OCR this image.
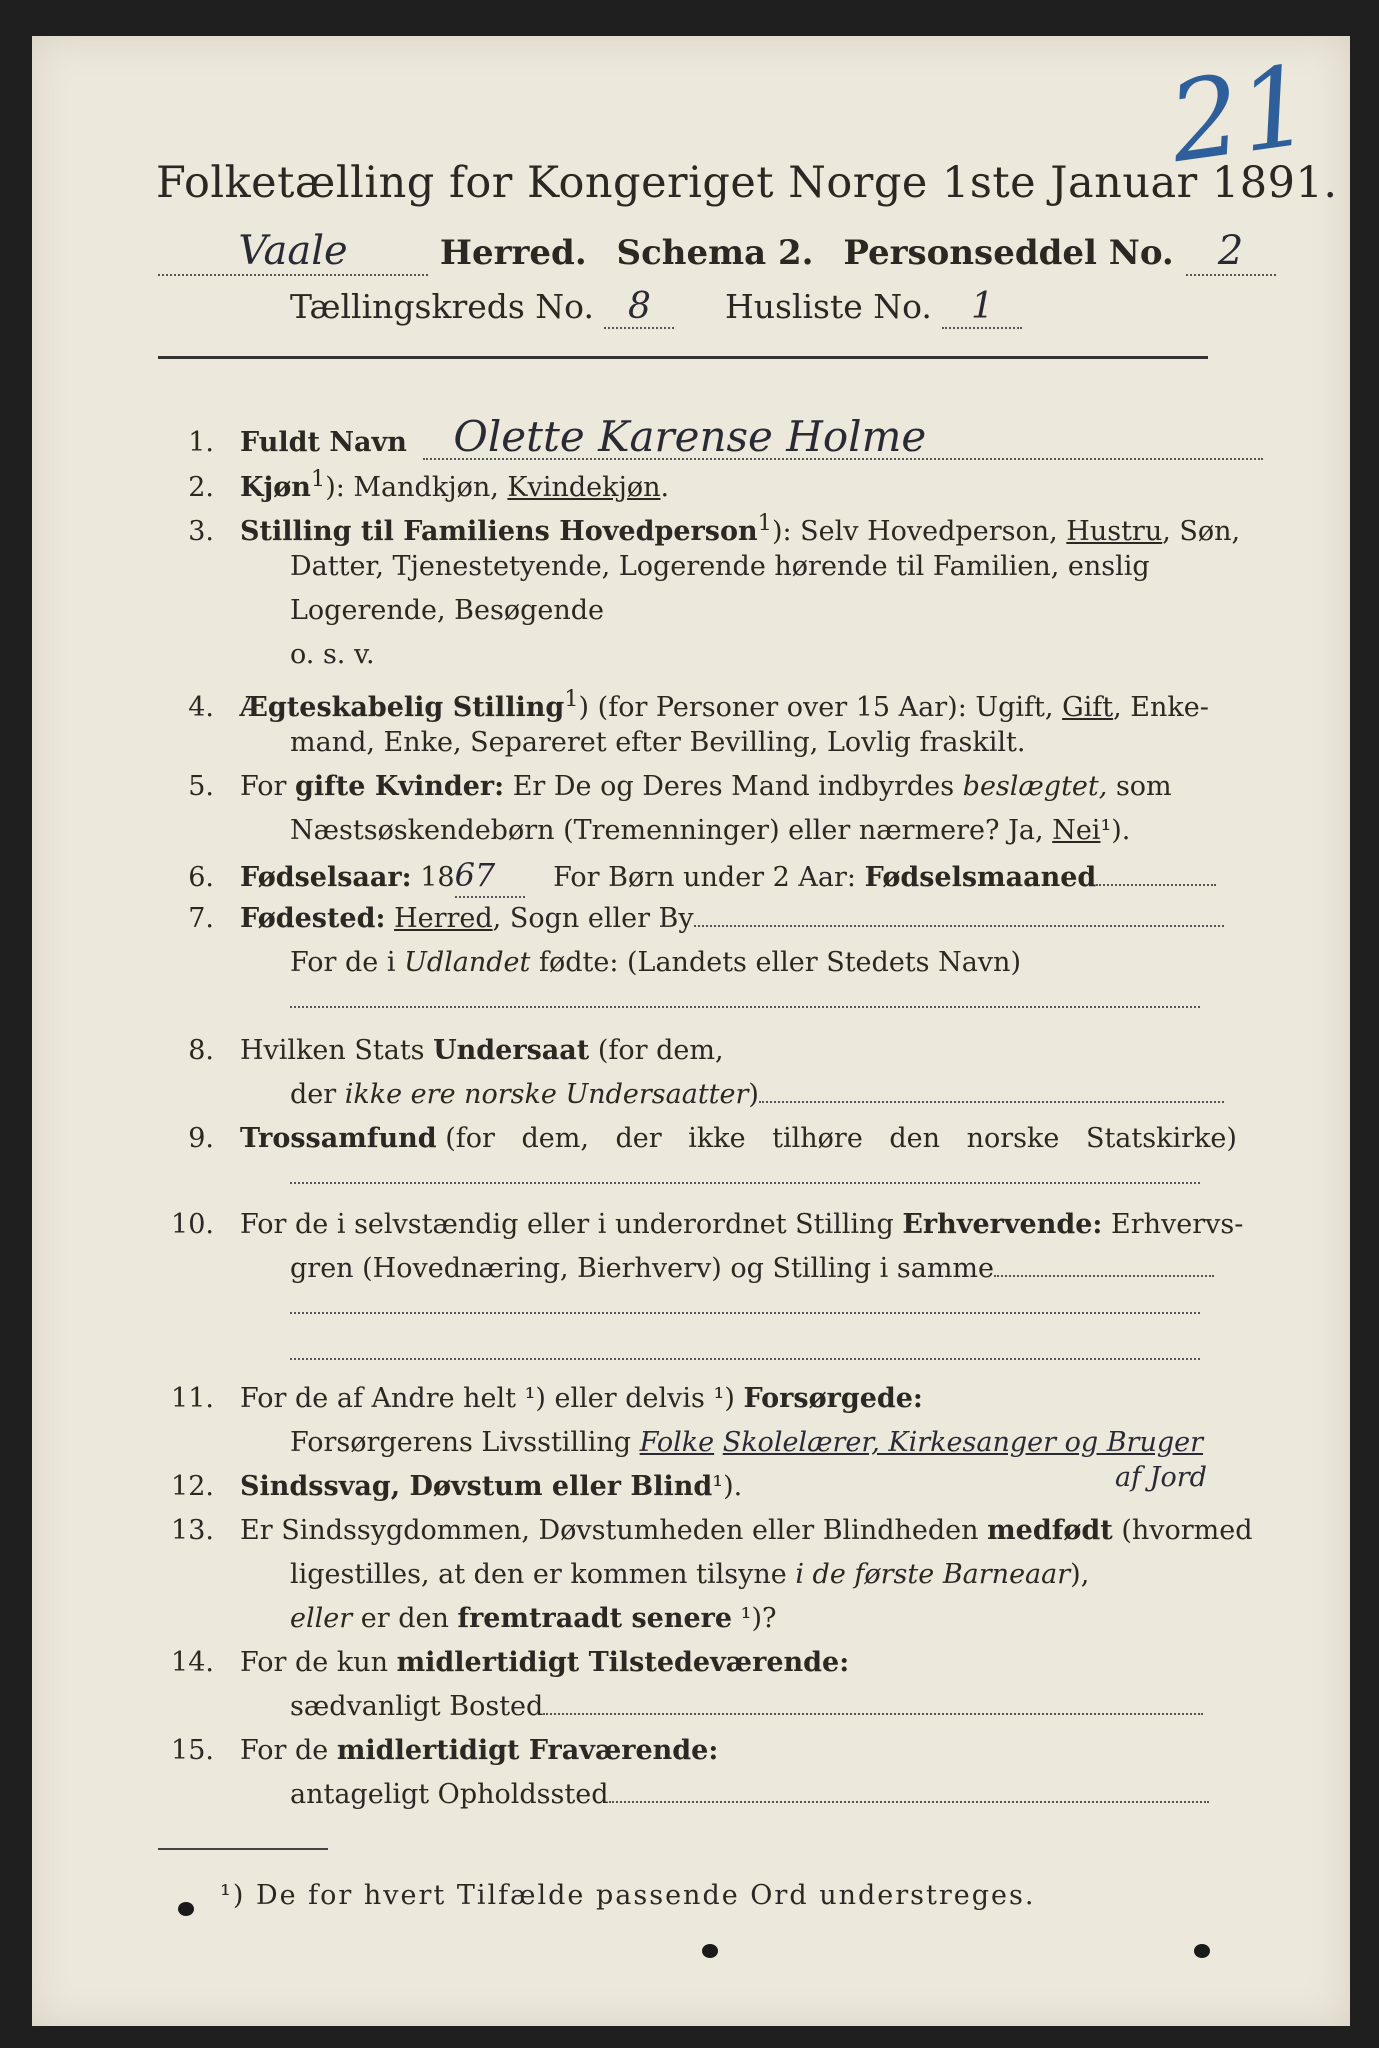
21
Folketælling for Kongeriget Norge 1ste Januar 1891.
Vaale	Herred. Schema 2. Personseddel No. 2
Tællingskreds No. 8 Husliste No. 1
1. Fuldt Navn Olette Karense Holme
2. Kjøn$^1$): Mandkjøn, Kvindekjøn.
3. Stilling til Familiens Hovedperson$^1$): Selv Hovedperson, Hustru, Søn,
Datter, Tjenestetyende, Logerende hørende til Familien, enslig
Logerende, Besøgende
o. s. v.
4. Ægteskabelig Stilling$^1$) (for Personer over 15 Aar): Ugift, Gift, Enke-
mand, Enke, Separeret efter Bevilling, Lovlig fraskilt.
5. For gifte Kvinder: Er De og Deres Mand indbyrdes beslægtet, som
Næstsøskendebørn (Tremenninger) eller nærmere? Ja, Nei¹).
6. Fødselsaar: 1867 For Børn under 2 Aar: Fødselsmaaned
7. Fødested: Herred, Sogn eller By
For de i Udlandet fødte: (Landets eller Stedets Navn)
8. Hvilken Stats Undersaat (for dem,
der ikke ere norske Undersaatter)
9. Trossamfund (for dem, der ikke tilhøre den norske Statskirke)
10. For de i selvstændig eller i underordnet Stilling Erhvervende: Erhvervs-
gren (Hovednæring, Bierhverv) og Stilling i samme
11. For de af Andre helt ¹) eller delvis ¹) Forsørgede:
Forsørgerens Livsstilling Folke Skolelærer, Kirkesanger og Bruger
af Jord
12. Sindssvag, Døvstum eller Blind¹).
13. Er Sindssygdommen, Døvstumheden eller Blindheden medfødt (hvormed
ligestilles, at den er kommen tilsyne i de første Barneaar),
eller er den fremtraadt senere ¹)?
14. For de kun midlertidigt Tilstedeværende:
sædvanligt Bosted
15. For de midlertidigt Fraværende:
antageligt Opholdssted
¹) De for hvert Tilfælde passende Ord understreges.
